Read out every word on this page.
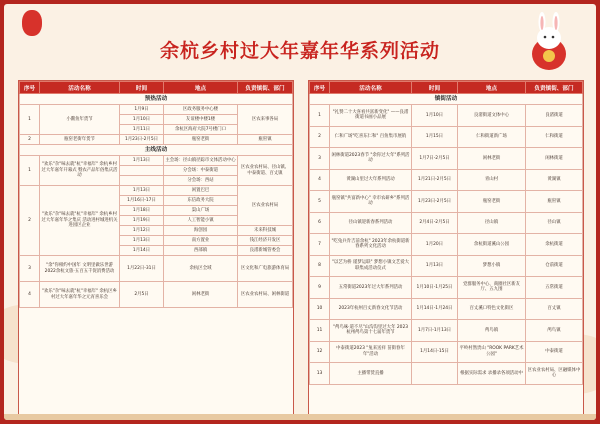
余杭乡村过大年嘉年华系列活动
序号	活动名称	时间	地点	负责镇街、部门
预热活动				
1	小鳌鱼年货节	1月9日	区政务服务中心楼	区农来事各局
		1月10日	友谊楼中楼1楼	
		1月11日	余杭区海府大院7号楼门口	
2	瓶窑老街年货节	1月23日-2月5日	瓶窑老街	瓶窑镇
主线活动				
1	"欢乐"杂"味去就"杭"幸福年" 余杭乡村过大年嘉年开幕式 暨农产品年俗集庆活动	1月13日	主会场：径山镇径踪市文体活动中心	区农业农村局、径山镇、中泰街道、百丈镇
			分会场：中泰街道	
			分会场：西站	
2	"欢乐"杂"味去就"杭"幸福年" 余杭乡村过大年嘉年华之集庆 活动进村城进机关进园区企业	1月13日	闲置巴巴	区农业农村局
		1月16日-17日	东信政务大院	
		1月18日	渠山广场	
		1月19日	人工智能小镇	
		1月12日	海创园	未来科技城
		1月13日	南方置业	钱江经济开发区
		1月14日	西部镇	良渚新城管委会
3	"余"你相约中国年 文明里做乐世游 2022余杭文旅·五百五千促消费活动	1月22日-31日	余杭区全域	区文化和广电旅游体育局
4	"欢乐"杂"味去就"杭"幸福年" 余杭区乡村过大年嘉年华之元宵喜乐会	2月5日	闲林老街	区农业农村局、闲林街道
序号	活动名称	时间	地点	负责镇街、部门
镇街活动				
1	"礼赞二十大喜看共富新变化" ——良渚街道书画小品展	1月10日	良渚街道文体中心	良渚街道
2	仁和广场"吃喜东仁和" 百鱼集市展销	1月15日	仁和街道新广场	仁和街道
3	闲林街道2023春节 "余你过大年"系列活动	1月7日-2月5日	闲林老街	闲林街道
4	黄湖山里过大年系列活动	1月21日-2月5日	青山村	黄湖镇
5	瓶窑镇"共富新中心" 幸市农研乡"系列活动	1月23日-2月5日	瓶窑老街	瓶窑镇
6	径山镇迎新春系列活动	2月4日-2月5日	径山镇	径山镇
7	"吃兔兵肯吉前余杭" 2023年余杭街道新春系列文化活动	1月20日	余杭街道溪山公园	余杭街道
8	"以艺为桥 谨梦运联" 梦想小镇文艺爱大联集成活动仪式	1月13日	梦想小镇	仓前街道
9	五常街道2023年过大年系列活动	1月10日-1月25日	党群服务中心、商圈社区新友厅、五九围	五常街道
10	2023年杭州百丈新春文化节活动	1月14日-1月24日	百丈溪口特色文化街区	百丈镇
11	"鸬鸟味·道不尽"山沟沟里过大年 2023杭州鸬鸟第十七届年货节	1月7日-1月13日	鸬鸟镇	鸬鸟镇
12	中泰街道2023 "兔来送祥 苗街春年年"活动	1月14日-15日	平岭村然贵山 "ROOK PARK艺术公园"	中泰街道
13	主播带货直播		根据实际需求 录播录各项活动中	区农业农村局、区融媒体中心
